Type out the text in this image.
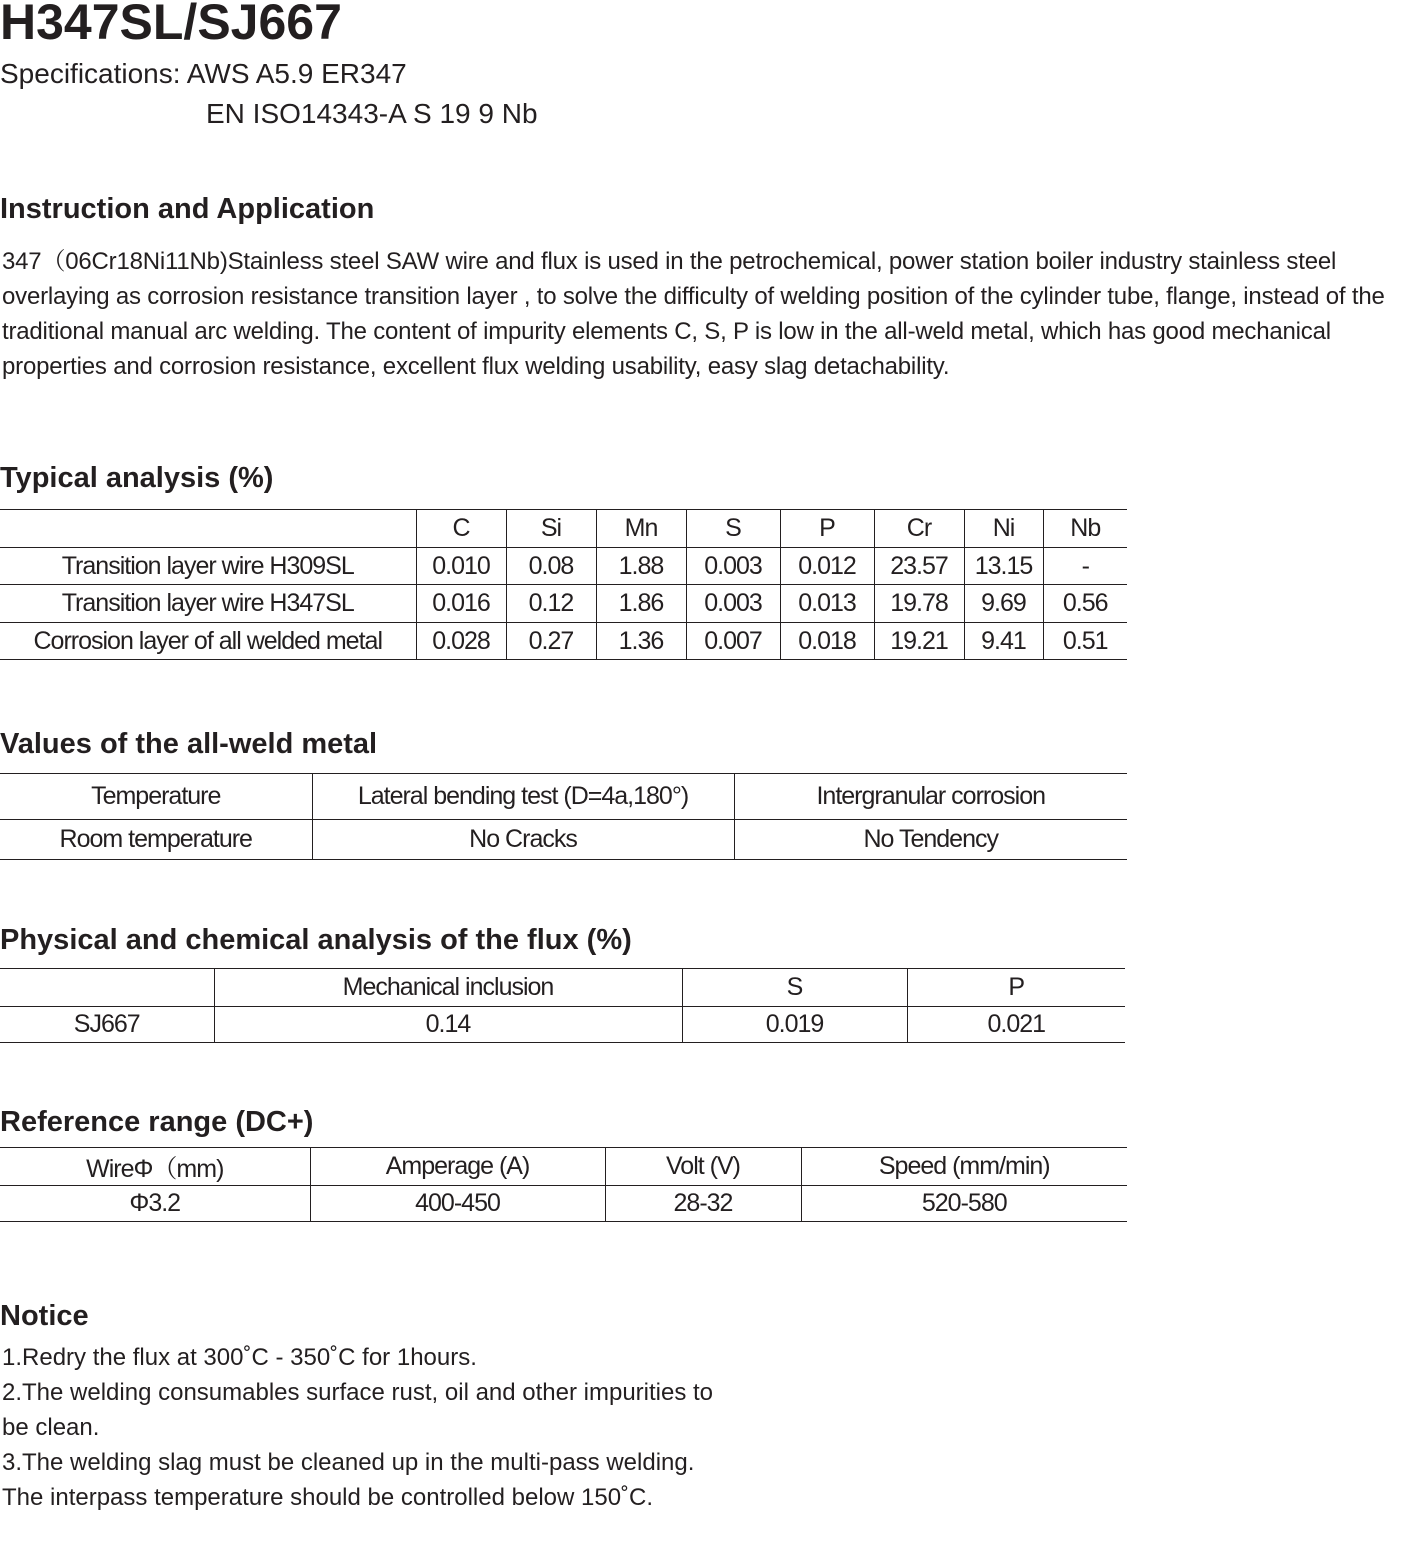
H347SL/SJ667
Specifications: AWS A5.9 ER347
EN ISO14343-A S 19 9 Nb
Instruction and Application

347（06Cr18Ni11Nb)Stainless steel SAW wire and flux is used in the petrochemical, power station boiler industry stainless steel overlaying as corrosion resistance transition layer , to solve the difficulty of welding position of the cylinder tube, flange, instead of the traditional manual arc welding. The content of impurity elements C, S, P is low in the all-weld metal, which has good mechanical properties and corrosion resistance, excellent flux welding usability, easy slag detachability.

Typical analysis (%)
	C	Si	Mn	S	P	Cr	Ni	Nb
Transition layer wire H309SL	0.010	0.08	1.88	0.003	0.012	23.57	13.15	-
Transition layer wire H347SL	0.016	0.12	1.86	0.003	0.013	19.78	9.69	0.56
Corrosion layer of all welded metal	0.028	0.27	1.36	0.007	0.018	19.21	9.41	0.51
Values of the all-weld metal
Temperature	Lateral bending test (D=4a,180°)	Intergranular corrosion
Room temperature	No Cracks	No Tendency
Physical and chemical analysis of the flux (%)
	Mechanical inclusion	S	P
SJ667	0.14	0.019	0.021
Reference range (DC+)
WireΦ（mm)	Amperage (A)	Volt (V)	Speed (mm/min)
Φ3.2	400-450	28-32	520-580
Notice
1.Redry the flux at 300˚C - 350˚C for 1hours.
2.The welding consumables surface rust, oil and other impurities to be clean.
3.The welding slag must be cleaned up in the multi-pass welding. The interpass temperature should be controlled below 150˚C.
